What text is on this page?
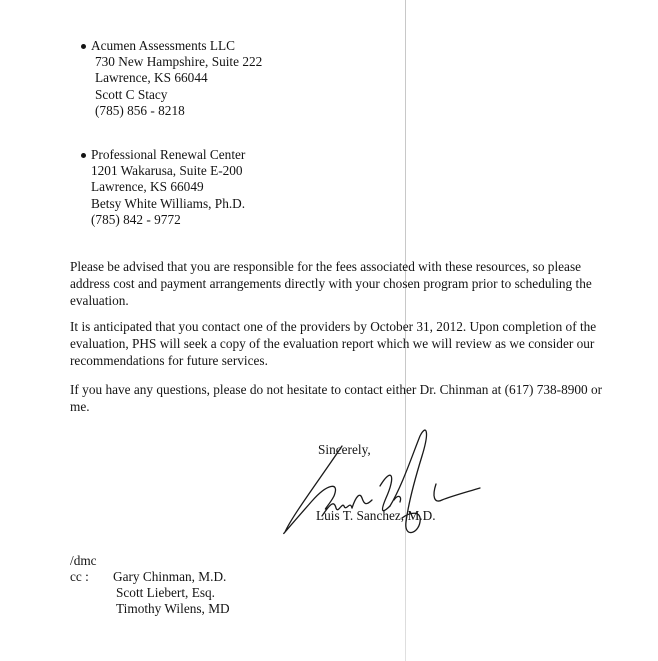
Acumen Assessments LLC
730 New Hampshire, Suite 222
Lawrence, KS 66044
Scott C Stacy
(785) 856 - 8218
Professional Renewal Center
1201 Wakarusa, Suite E-200
Lawrence, KS 66049
Betsy White Williams, Ph.D.
(785) 842 - 9772
Please be advised that you are responsible for the fees associated with these resources, so please
address cost and payment arrangements directly with your chosen program prior to scheduling the
evaluation.
It is anticipated that you contact one of the providers by October 31, 2012. Upon completion of the
evaluation, PHS will seek a copy of the evaluation report which we will review as we consider our
recommendations for future services.
If you have any questions, please do not hesitate to contact either Dr. Chinman at (617) 738-8900 or
me.
Sincerely,
Luis T. Sanchez, M.D.
/dmc
cc : Gary Chinman, M.D.
Scott Liebert, Esq.
Timothy Wilens, MD
